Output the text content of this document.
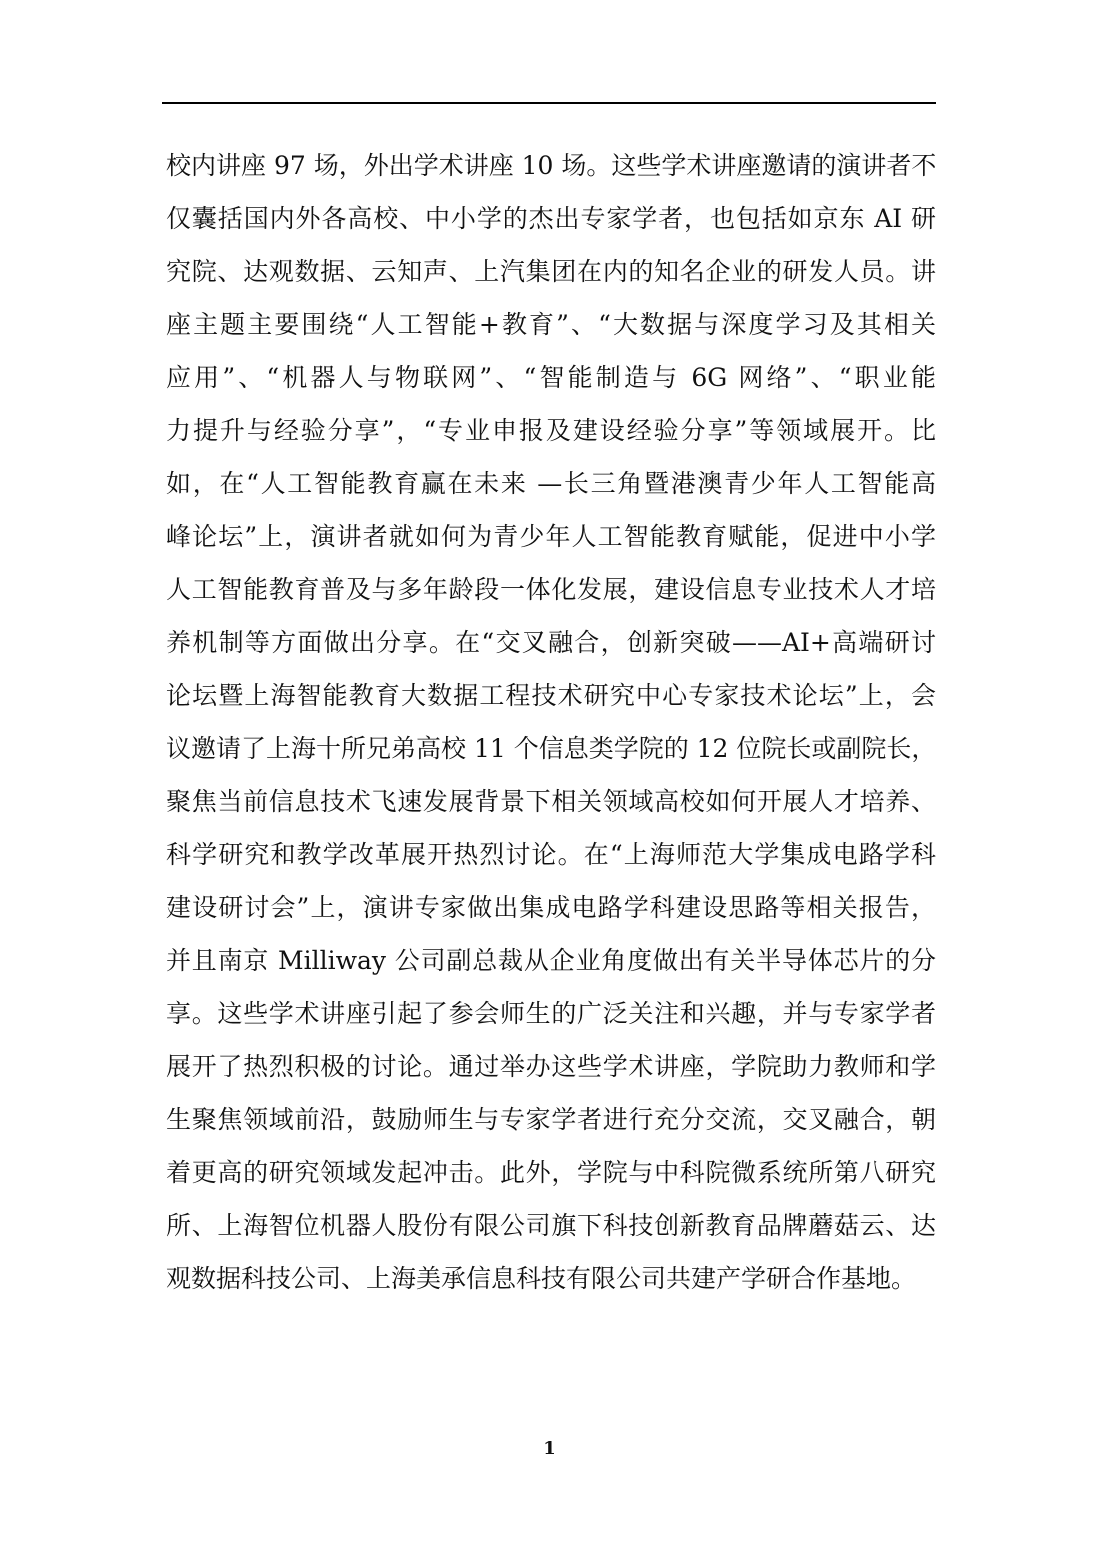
校内讲座 97 场，外出学术讲座 10 场。这些学术讲座邀请的演讲者不
仅囊括国内外各高校、中小学的杰出专家学者，也包括如京东 AI 研
究院、达观数据、云知声、上汽集团在内的知名企业的研发人员。讲
座主题主要围绕“人工智能+教育”、“大数据与深度学习及其相关
应用”、“机器人与物联网”、“智能制造与 6G 网络”、“职业能
力提升与经验分享”，“专业申报及建设经验分享”等领域展开。比
如，在“人工智能教育赢在未来 —长三角暨港澳青少年人工智能高
峰论坛”上，演讲者就如何为青少年人工智能教育赋能，促进中小学
人工智能教育普及与多年龄段一体化发展，建设信息专业技术人才培
养机制等方面做出分享。在“交叉融合，创新突破——AI+高端研讨
论坛暨上海智能教育大数据工程技术研究中心专家技术论坛”上，会
议邀请了上海十所兄弟高校 11 个信息类学院的 12 位院长或副院长，
聚焦当前信息技术飞速发展背景下相关领域高校如何开展人才培养、
科学研究和教学改革展开热烈讨论。在“上海师范大学集成电路学科
建设研讨会”上，演讲专家做出集成电路学科建设思路等相关报告，
并且南京 Milliway 公司副总裁从企业角度做出有关半导体芯片的分
享。这些学术讲座引起了参会师生的广泛关注和兴趣，并与专家学者
展开了热烈积极的讨论。通过举办这些学术讲座，学院助力教师和学
生聚焦领域前沿，鼓励师生与专家学者进行充分交流，交叉融合，朝
着更高的研究领域发起冲击。此外，学院与中科院微系统所第八研究
所、上海智位机器人股份有限公司旗下科技创新教育品牌蘑菇云、达
观数据科技公司、上海美承信息科技有限公司共建产学研合作基地。
1
